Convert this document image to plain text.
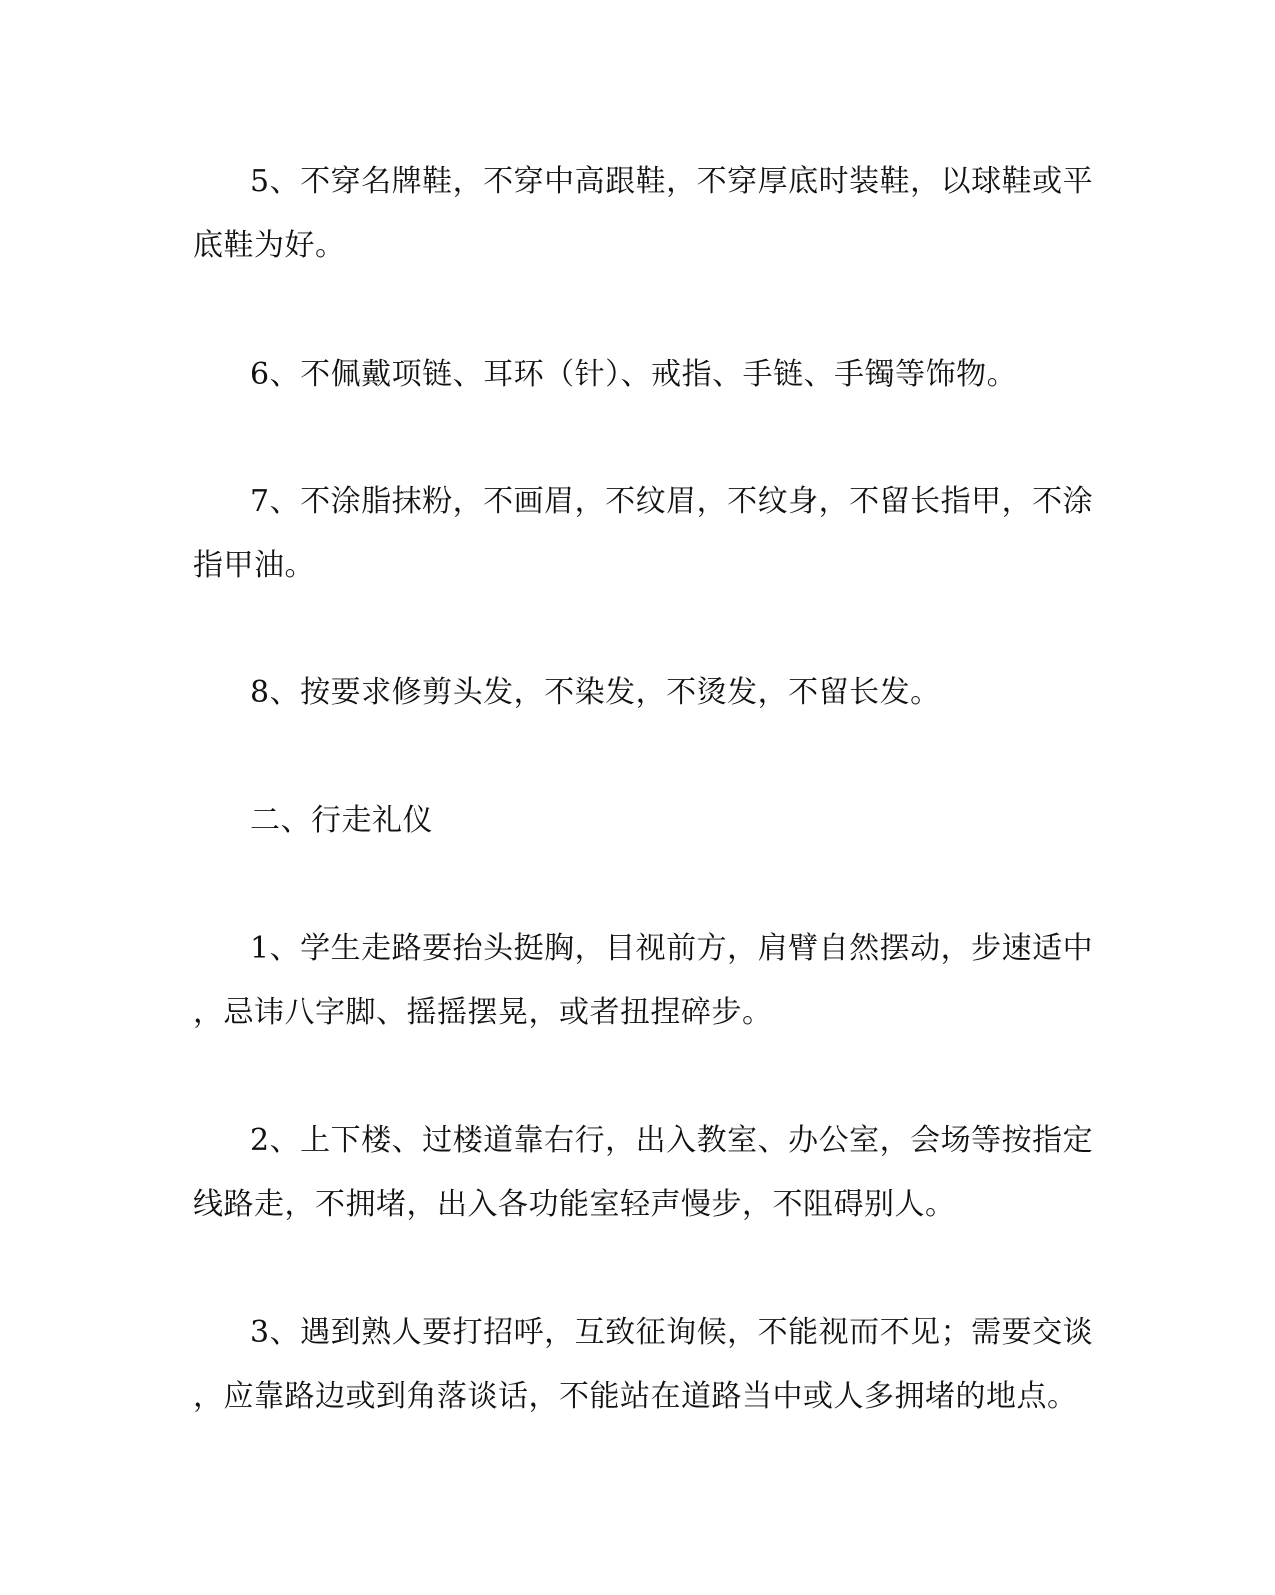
5、不穿名牌鞋，不穿中高跟鞋，不穿厚底时装鞋，以球鞋或平
底鞋为好。
6、不佩戴项链、耳环（针）、戒指、手链、手镯等饰物。
7、不涂脂抹粉，不画眉，不纹眉，不纹身，不留长指甲，不涂
指甲油。
8、按要求修剪头发，不染发，不烫发，不留长发。
二、行走礼仪
1、学生走路要抬头挺胸，目视前方，肩臂自然摆动，步速适中
，忌讳八字脚、摇摇摆晃，或者扭捏碎步。
2、上下楼、过楼道靠右行，出入教室、办公室，会场等按指定
线路走，不拥堵，出入各功能室轻声慢步，不阻碍别人。
3、遇到熟人要打招呼，互致征询候，不能视而不见；需要交谈
，应靠路边或到角落谈话，不能站在道路当中或人多拥堵的地点。
